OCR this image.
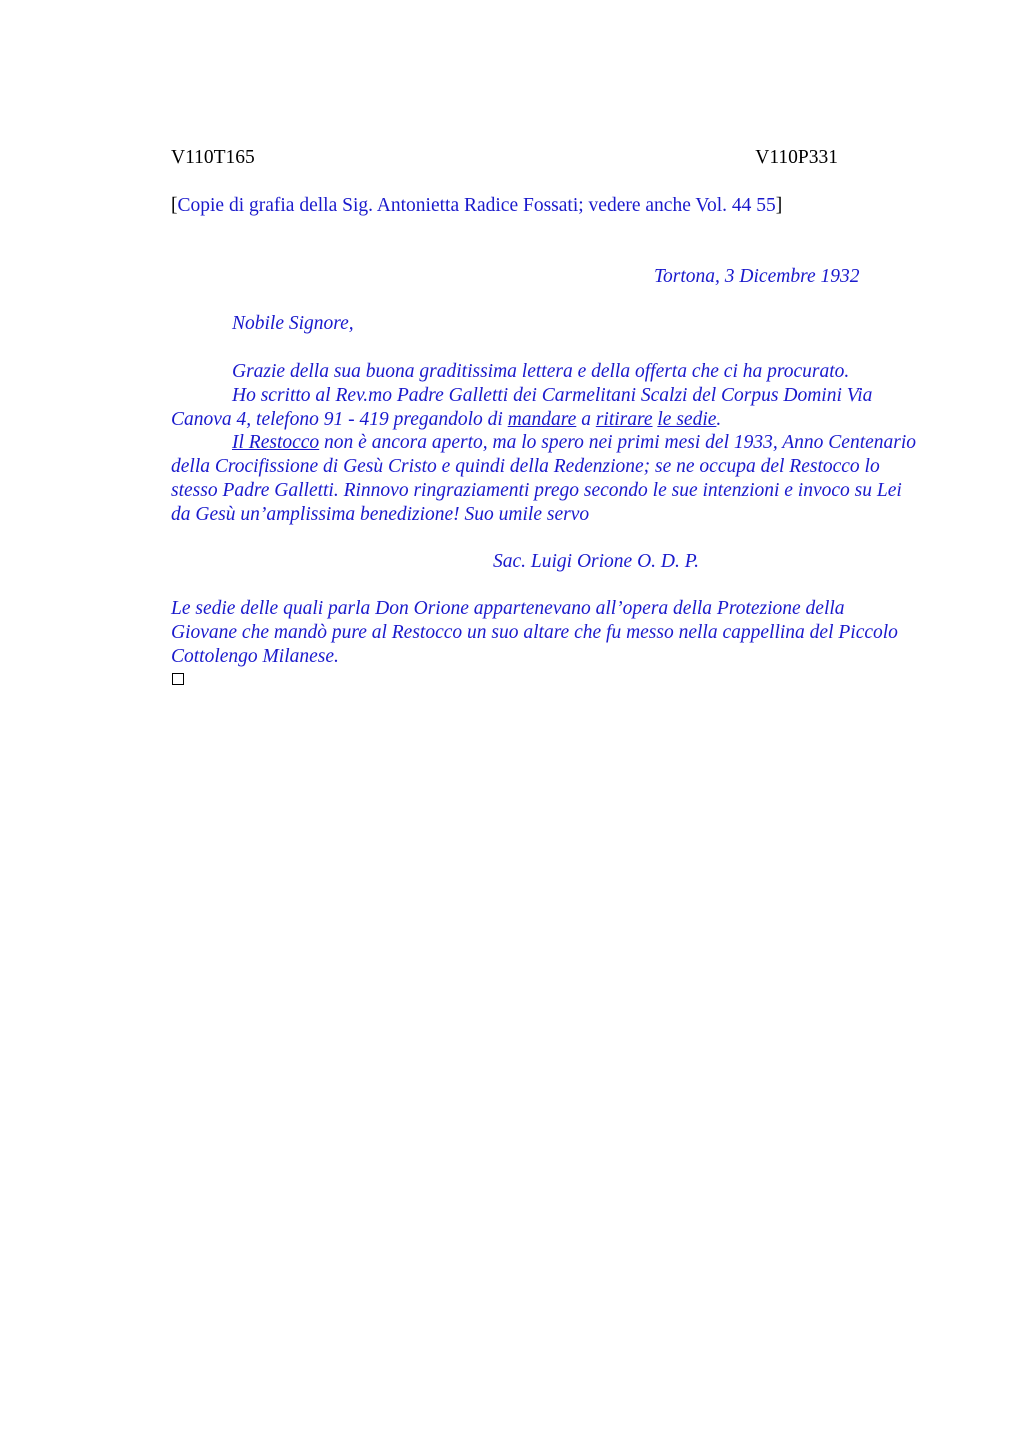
V110T165	V110P331
[Copie di grafia della Sig. Antonietta Radice Fossati; vedere anche Vol. 44 55]
Tortona, 3 Dicembre 1932
Nobile Signore,

Grazie della sua buona graditissima lettera e della offerta che ci ha procurato.

Ho scritto al Rev.mo Padre Galletti dei Carmelitani Scalzi del Corpus Domini Via Canova 4, telefono 91 - 419 pregandolo di mandare a ritirare le sedie.

Il Restocco non è ancora aperto, ma lo spero nei primi mesi del 1933, Anno Centenario della Crocifissione di Gesù Cristo e quindi della Redenzione; se ne occupa del Restocco lo stesso Padre Galletti. Rinnovo ringraziamenti prego secondo le sue intenzioni e invoco su Lei da Gesù un’amplissima benedizione! Suo umile servo

Sac. Luigi Orione O. D. P.
Le sedie delle quali parla Don Orione appartenevano all’opera della Protezione della Giovane che mandò pure al Restocco un suo altare che fu messo nella cappellina del Piccolo Cottolengo Milanese.
